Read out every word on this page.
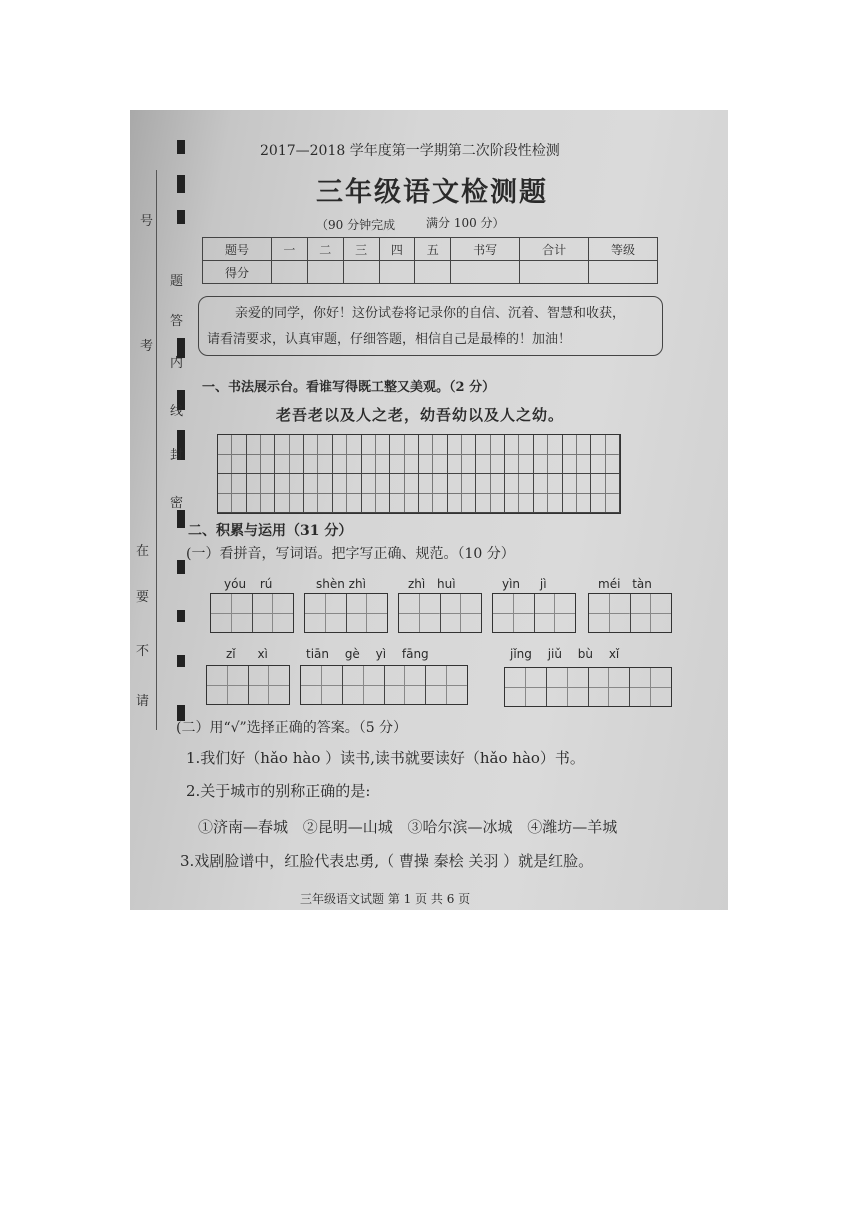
号
考
题
答
内
线
封
密
在
要
不
请
2017—2018 学年度第一学期第二次阶段性检测
三年级语文检测题
（90 分钟完成	满分 100 分）
题号	一	二	三	四	五	书写	合计	等级
得分								
亲爱的同学，你好！这份试卷将记录你的自信、沉着、智慧和收获，
请看清要求，认真审题，仔细答题，相信自己是最棒的！加油！
一、书法展示台。看谁写得既工整又美观。（2 分）
老吾老以及人之老，幼吾幼以及人之幼。
二、积累与运用（31 分）
(一）看拼音，写词语。把字写正确、规范。（10 分）
yóu rú	shèn zhì	zhì huì	yìn jì	méi tàn
zǐ xì	tiān gè yì fāng	jǐng jiǔ bù xǐ
(二）用“√”选择正确的答案。（5 分）
1.我们好（hǎo hào ）读书,读书就要读好（hǎo hào）书。
2.关于城市的别称正确的是:
①济南—春城 ②昆明—山城 ③哈尔滨—冰城 ④潍坊—羊城
3.戏剧脸谱中，红脸代表忠勇,（ 曹操 秦桧 关羽 ）就是红脸。
三年级语文试题 第 1 页 共 6 页
